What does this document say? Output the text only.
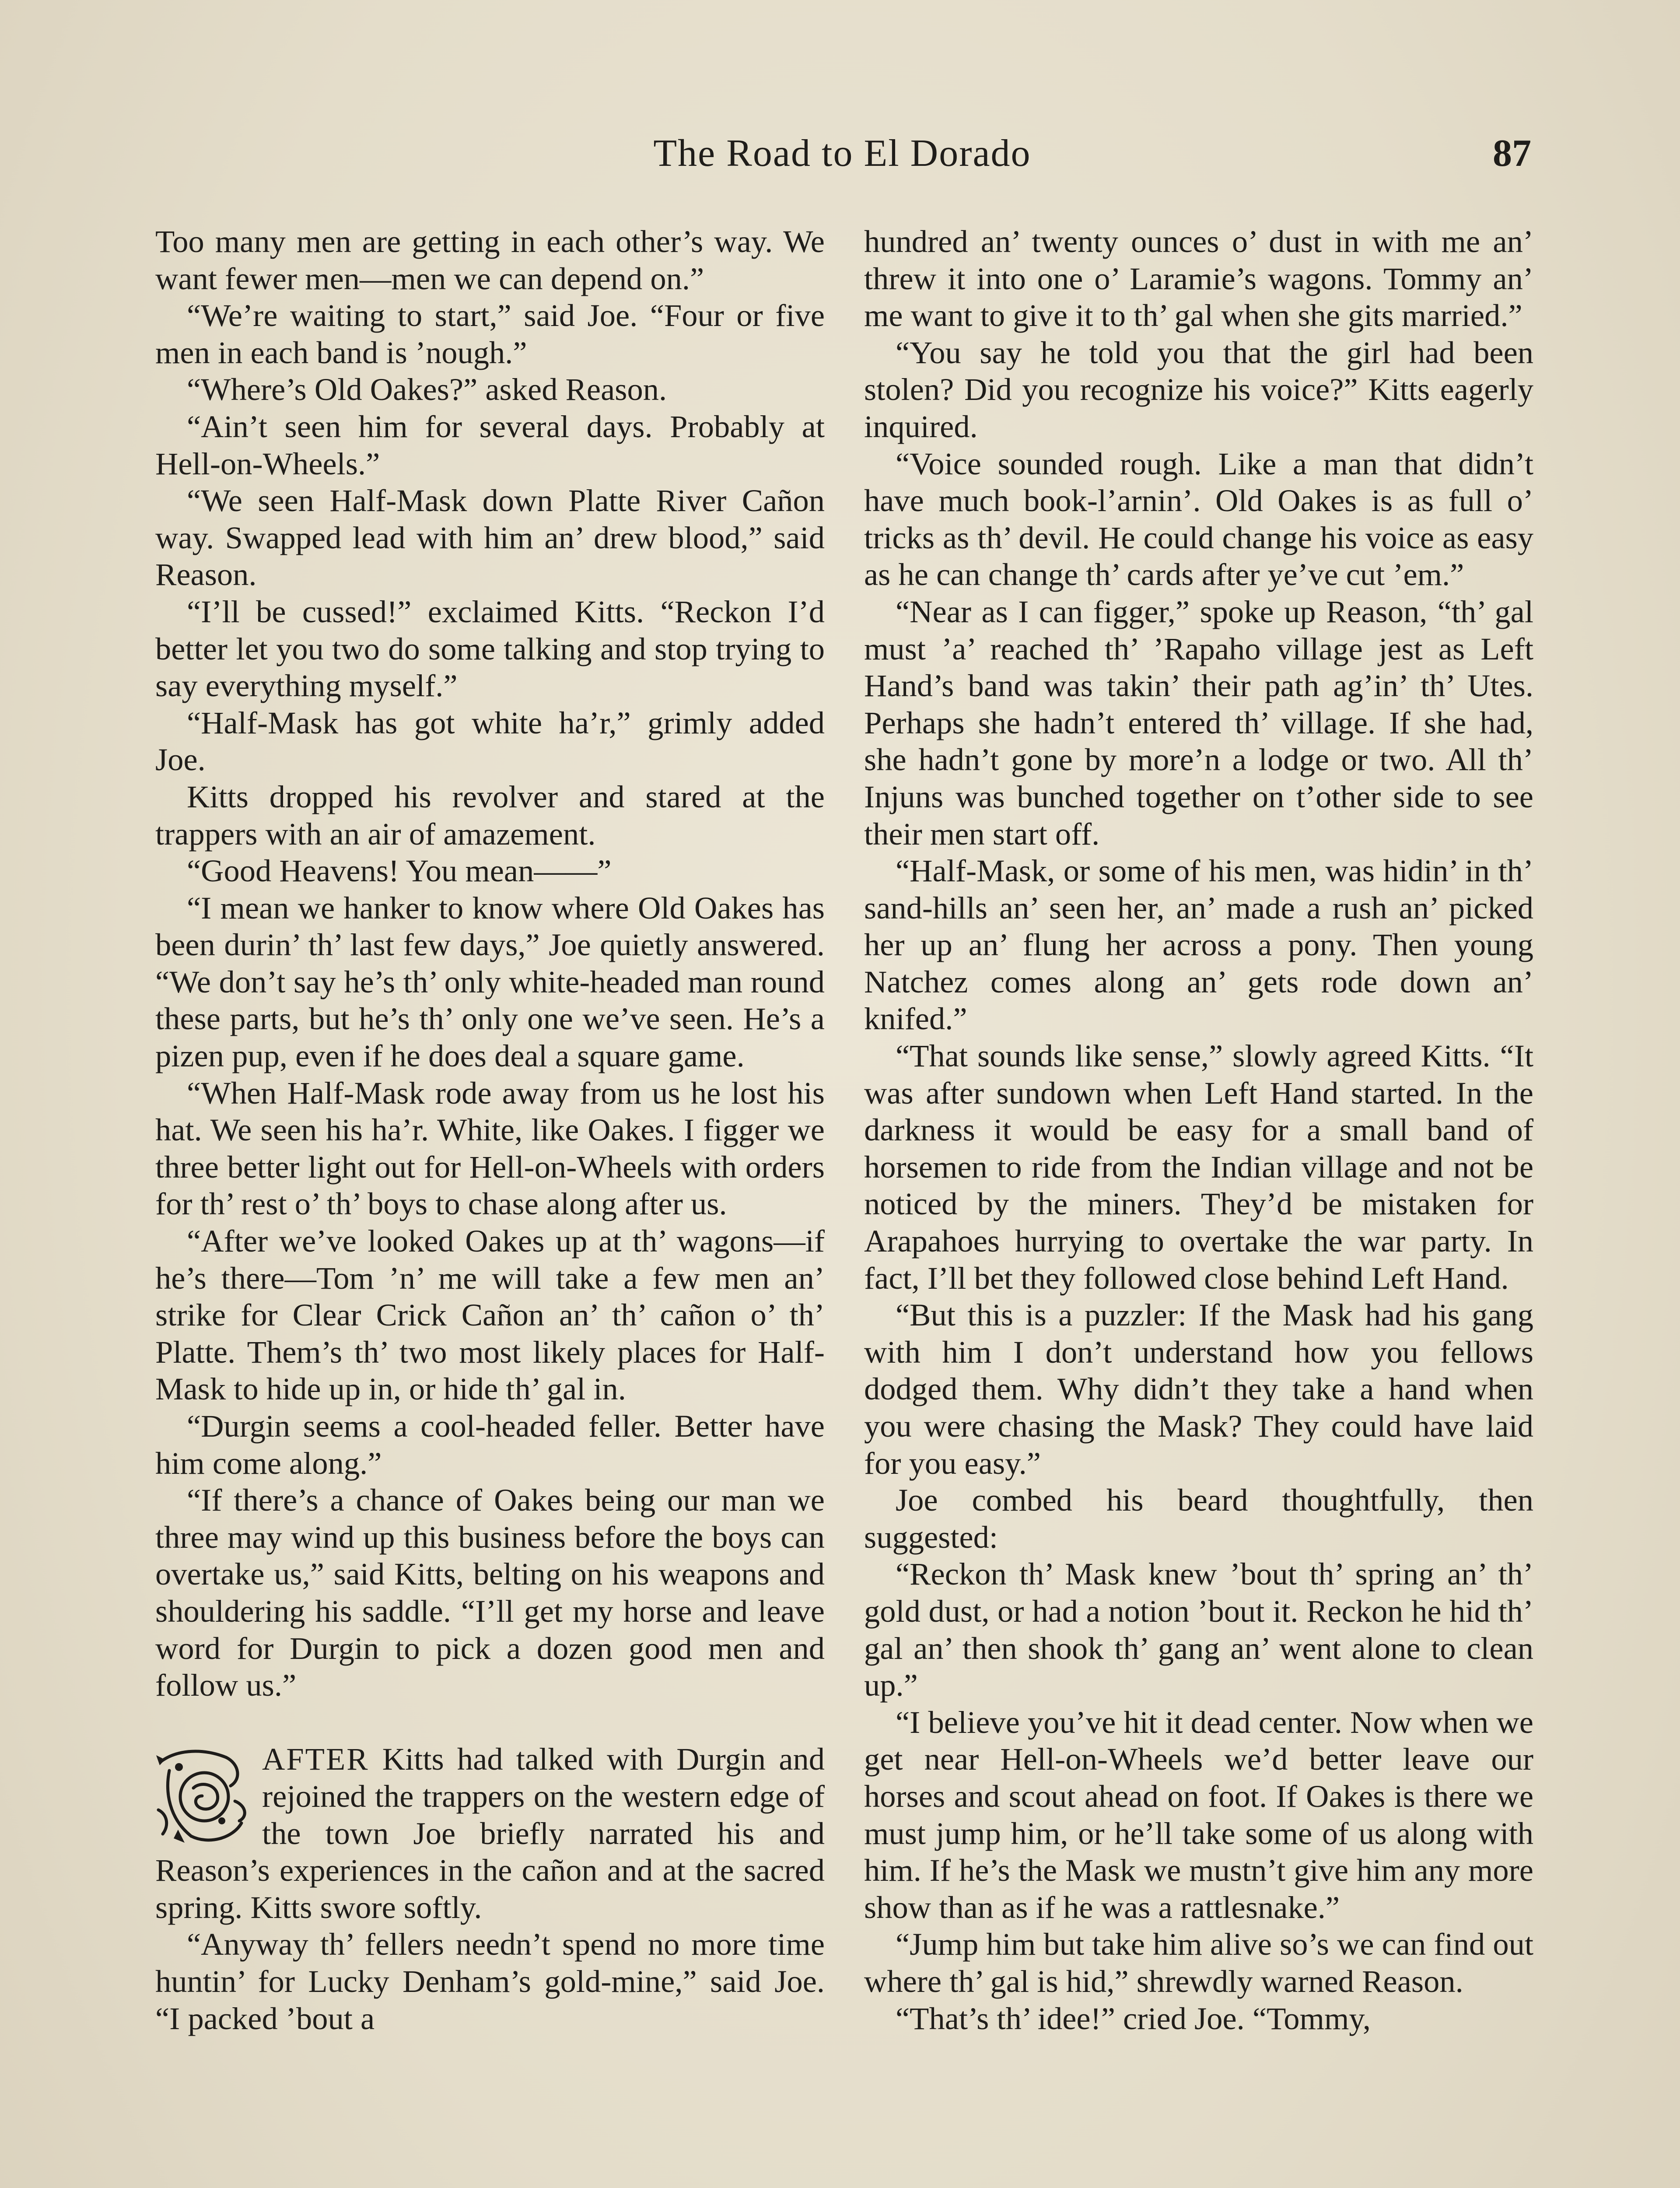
The Road to El Dorado	87

Too many men are getting in each other’s way. We want fewer men—men we can depend on.”

“We’re waiting to start,” said Joe. “Four or five men in each band is ’nough.”

“Where’s Old Oakes?” asked Reason.

“Ain’t seen him for several days. Probably at Hell-on-Wheels.”

“We seen Half-Mask down Platte River Cañon way. Swapped lead with him an’ drew blood,” said Reason.

“I’ll be cussed!” exclaimed Kitts. “Reckon I’d better let you two do some talking and stop trying to say everything myself.”

“Half-Mask has got white ha’r,” grimly added Joe.

Kitts dropped his revolver and stared at the trappers with an air of amazement.

“Good Heavens! You mean——”

“I mean we hanker to know where Old Oakes has been durin’ th’ last few days,” Joe quietly answered. “We don’t say he’s th’ only white-headed man round these parts, but he’s th’ only one we’ve seen. He’s a pizen pup, even if he does deal a square game.

“When Half-Mask rode away from us he lost his hat. We seen his ha’r. White, like Oakes. I figger we three better light out for Hell-on-Wheels with orders for th’ rest o’ th’ boys to chase along after us.

“After we’ve looked Oakes up at th’ wagons—if he’s there—Tom ’n’ me will take a few men an’ strike for Clear Crick Cañon an’ th’ cañon o’ th’ Platte. Them’s th’ two most likely places for Half-Mask to hide up in, or hide th’ gal in.

“Durgin seems a cool-headed feller. Better have him come along.”

“If there’s a chance of Oakes being our man we three may wind up this business before the boys can overtake us,” said Kitts, belting on his weapons and shouldering his saddle. “I’ll get my horse and leave word for Durgin to pick a dozen good men and follow us.”

AFTER Kitts had talked with Durgin and rejoined the trappers on the western edge of the town Joe briefly narrated his and Reason’s experiences in the cañon and at the sacred spring. Kitts swore softly.

“Anyway th’ fellers needn’t spend no more time huntin’ for Lucky Denham’s gold-mine,” said Joe. “I packed ’bout a

hundred an’ twenty ounces o’ dust in with me an’ threw it into one o’ Laramie’s wagons. Tommy an’ me want to give it to th’ gal when she gits married.”

“You say he told you that the girl had been stolen? Did you recognize his voice?” Kitts eagerly inquired.

“Voice sounded rough. Like a man that didn’t have much book-l’arnin’. Old Oakes is as full o’ tricks as th’ devil. He could change his voice as easy as he can change th’ cards after ye’ve cut ’em.”

“Near as I can figger,” spoke up Reason, “th’ gal must ’a’ reached th’ ’Rapaho village jest as Left Hand’s band was takin’ their path ag’in’ th’ Utes. Perhaps she hadn’t entered th’ village. If she had, she hadn’t gone by more’n a lodge or two. All th’ Injuns was bunched together on t’other side to see their men start off.

“Half-Mask, or some of his men, was hidin’ in th’ sand-hills an’ seen her, an’ made a rush an’ picked her up an’ flung her across a pony. Then young Natchez comes along an’ gets rode down an’ knifed.”

“That sounds like sense,” slowly agreed Kitts. “It was after sundown when Left Hand started. In the darkness it would be easy for a small band of horsemen to ride from the Indian village and not be noticed by the miners. They’d be mistaken for Arapahoes hurrying to overtake the war party. In fact, I’ll bet they followed close behind Left Hand.

“But this is a puzzler: If the Mask had his gang with him I don’t understand how you fellows dodged them. Why didn’t they take a hand when you were chasing the Mask? They could have laid for you easy.”

Joe combed his beard thoughtfully, then suggested:

“Reckon th’ Mask knew ’bout th’ spring an’ th’ gold dust, or had a notion ’bout it. Reckon he hid th’ gal an’ then shook th’ gang an’ went alone to clean up.”

“I believe you’ve hit it dead center. Now when we get near Hell-on-Wheels we’d better leave our horses and scout ahead on foot. If Oakes is there we must jump him, or he’ll take some of us along with him. If he’s the Mask we mustn’t give him any more show than as if he was a rattlesnake.”

“Jump him but take him alive so’s we can find out where th’ gal is hid,” shrewdly warned Reason.

“That’s th’ idee!” cried Joe. “Tommy,
